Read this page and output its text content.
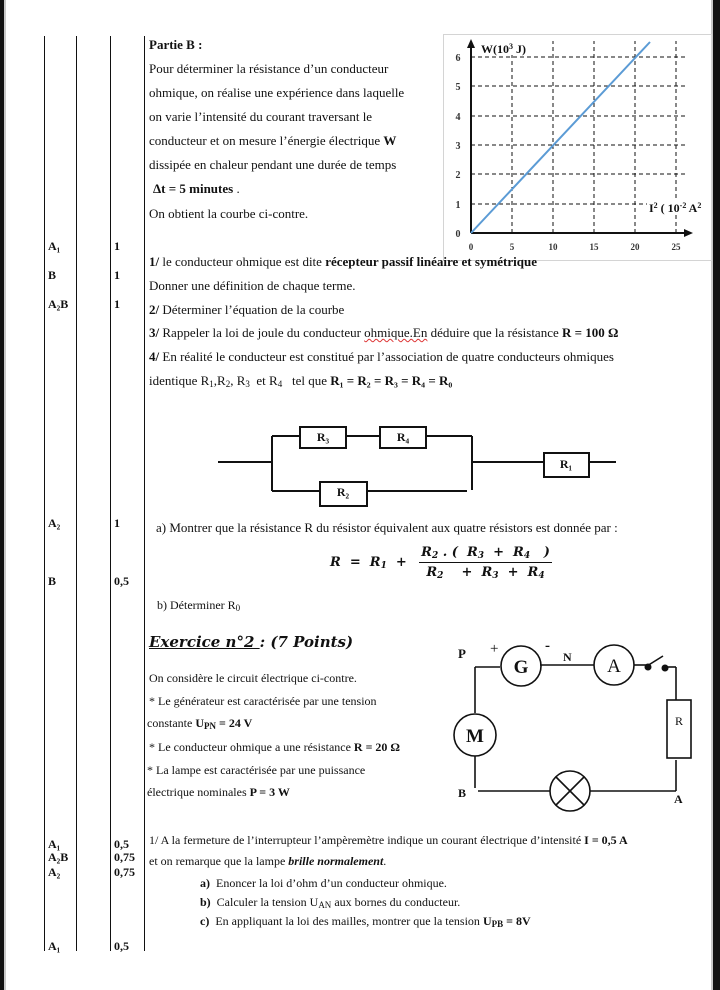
A₁	1
B	1
A₂B	1
A₂	1
B	0,5
A₁	0,5
A₂B	0,75
A₂	0,75
A₁	0,5
Partie B :
Pour déterminer la résistance d’un conducteur
ohmique, on réalise une expérience dans laquelle
on varie l’intensité du courant traversant le
conducteur et on mesure l’énergie électrique W
dissipée en chaleur pendant une durée de temps
Δt = 5 minutes .
On obtient la courbe ci-contre.
0
1
2
3
4
5
6
0	5	10	15	20	25
$W(10^3$ J)
$I^2$ ( $10^{-2}$ $A^2$
1/ le conducteur ohmique est dite récepteur passif linéaire et symétrique
Donner une définition de chaque terme.
2/ Déterminer l’équation de la courbe
3/ Rappeler la loi de joule du conducteur ohmique.En déduire que la résistance R = 100 Ω
4/ En réalité le conducteur est constitué par l’association de quatre conducteurs ohmiques
identique $R_1,R_2$, $R_3$  et $R_4$ tel que R₁ = R₂ = R₃ = R₄ = R₀
R₃	R₄
R₂
R₁
a) Montrer que la résistance R du résistor équivalent aux quatre résistors est donnée par :
$R = R_1 + \frac{R_2 . ( R_3 + R_4 )}{R_2 + R_3 + R_4}$
b) Déterminer $R_0$
Exercice n°2 : (7 Points)
On considère le circuit électrique ci-contre.
* Le générateur est caractérisée par une tension
constante $U_{PN} = 24$ V
* Le conducteur ohmique a une résistance R = 20 Ω
* La lampe est caractérisée par une puissance
électrique nominales P = 3 W
P +	-
N
G	A
M
R
B	A
1/ A la fermeture de l’interrupteur l’ampèremètre indique un courant électrique d’intensité I = 0,5 A
et on remarque que la lampe brille normalement.
a) Enoncer la loi d’ohm d’un conducteur ohmique.
b) Calculer la tension $U_{AN}$ aux bornes du conducteur.
c) En appliquant la loi des mailles, montrer que la tension $U_{PB} = 8V$
